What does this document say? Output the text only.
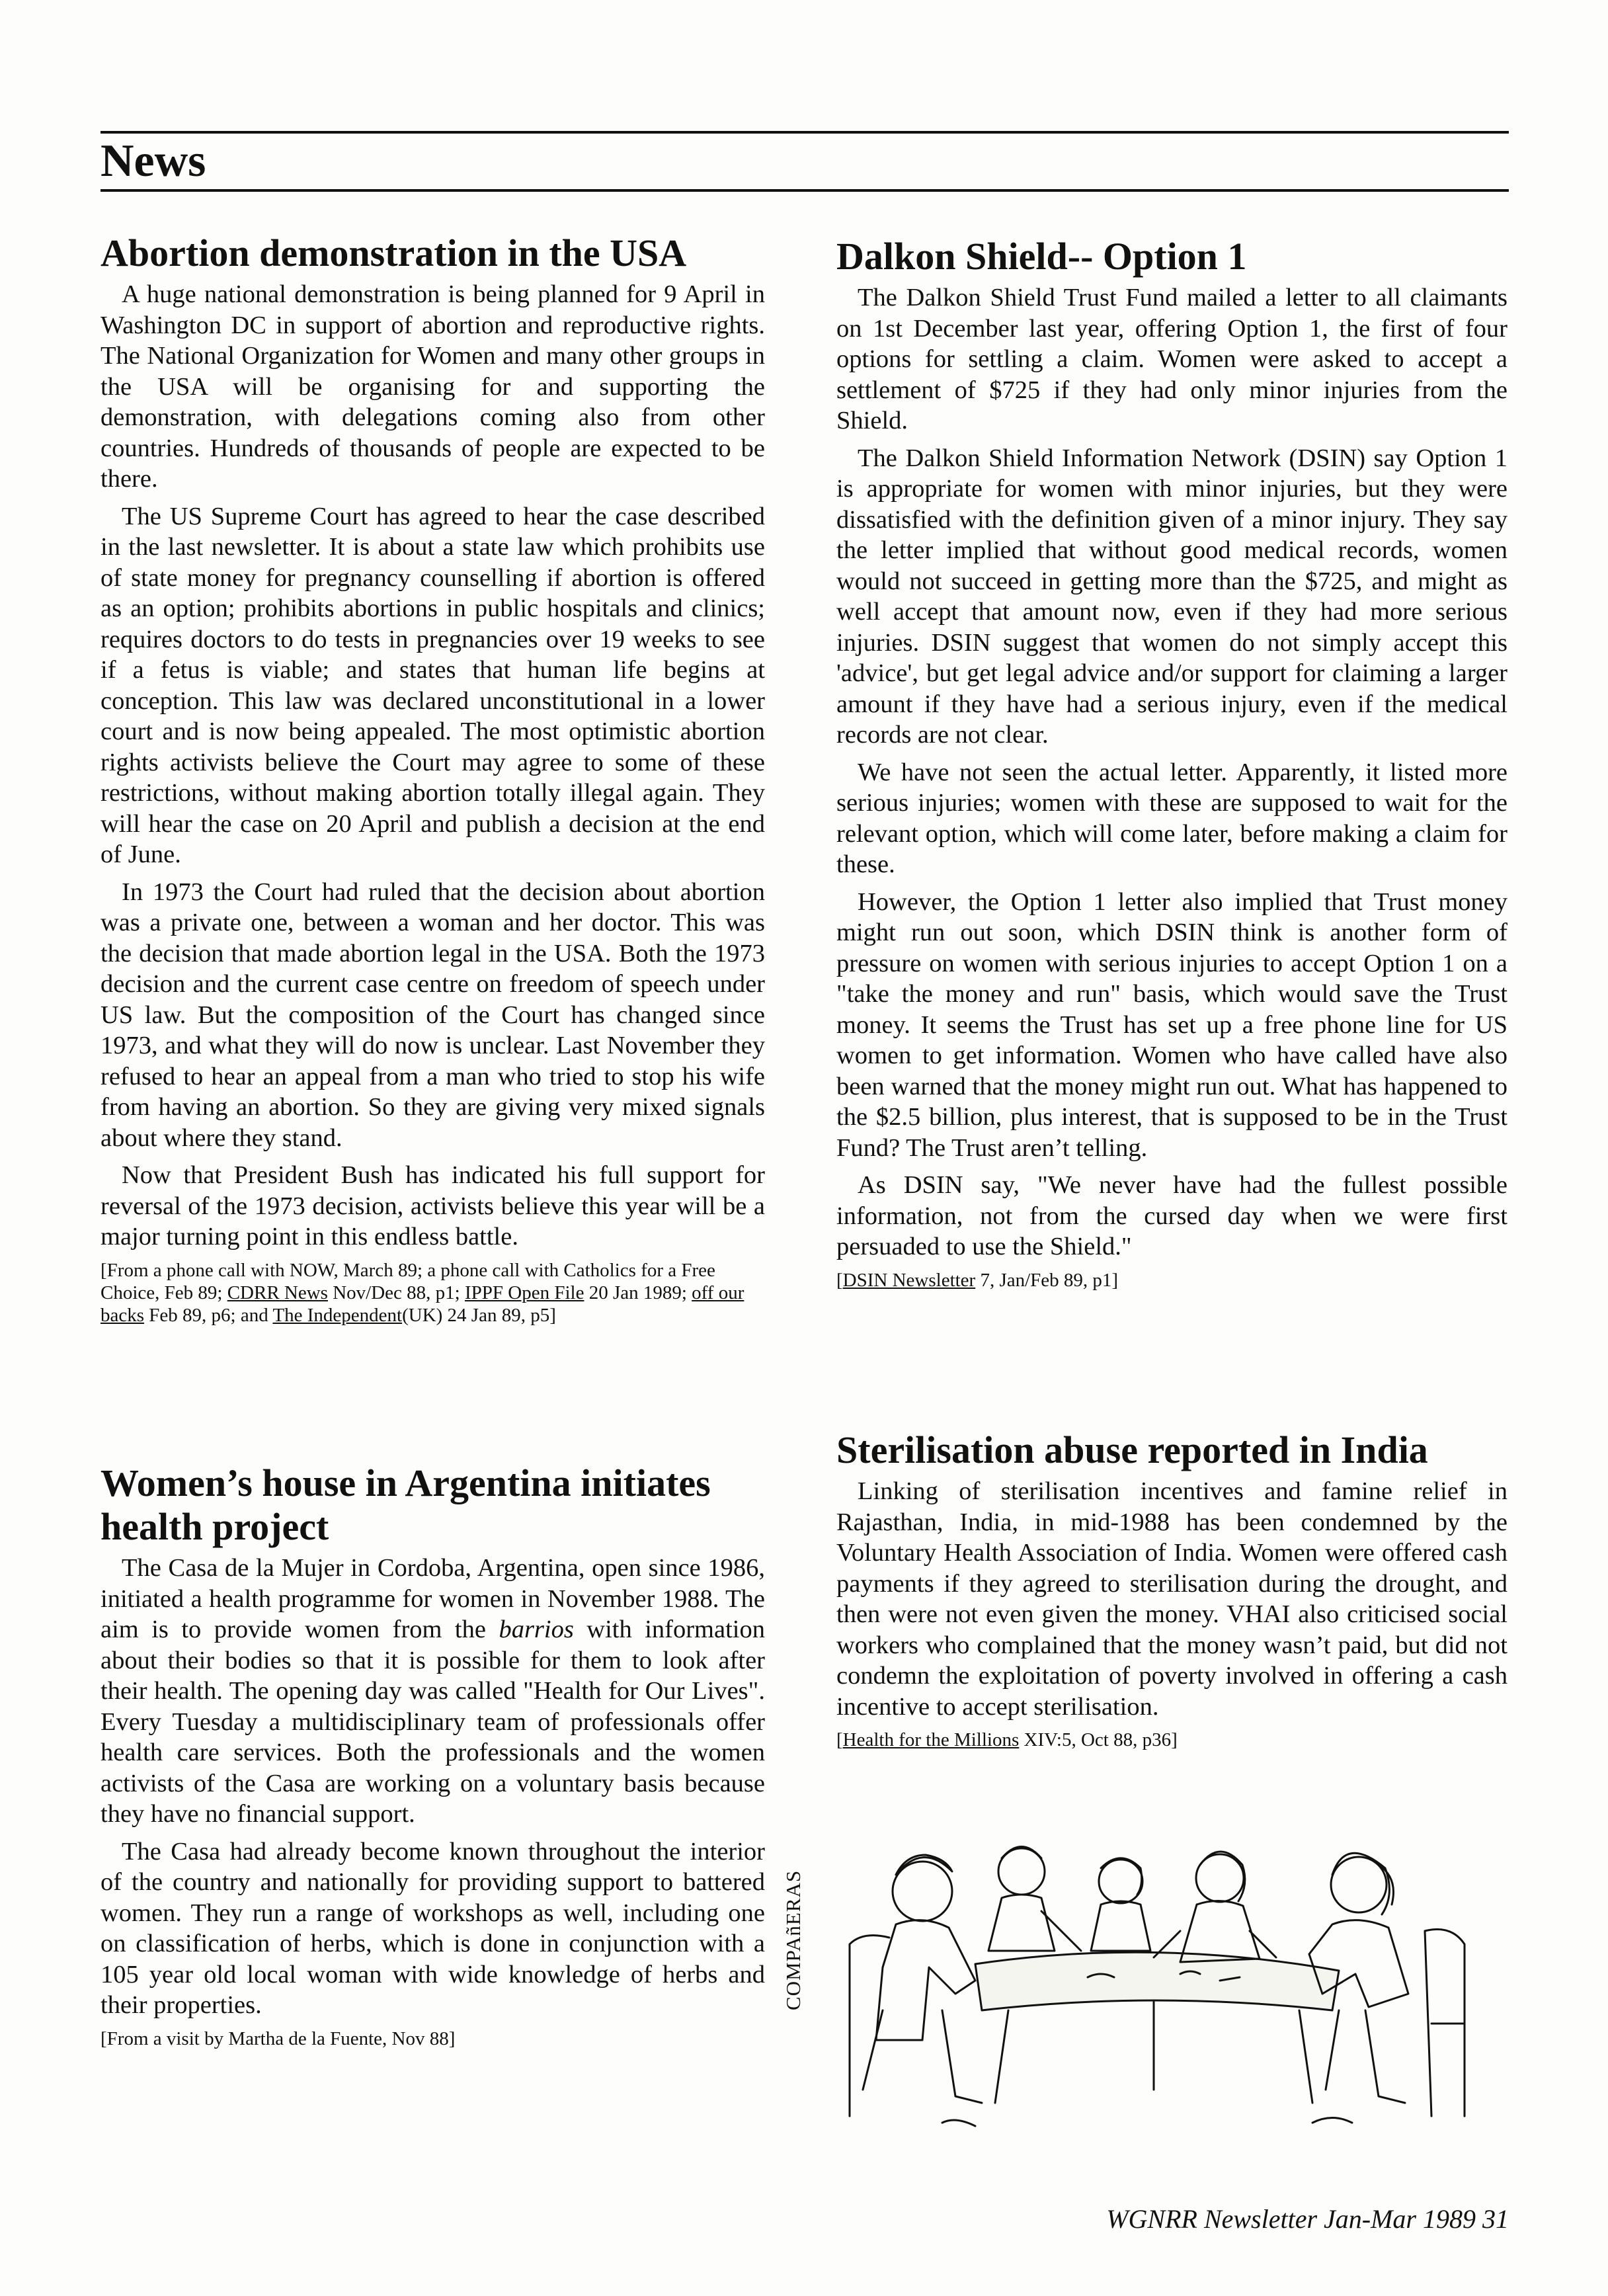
News
Abortion demonstration in the USA

A huge national demonstration is being planned for 9 April in Washington DC in support of abortion and reproductive rights. The National Organization for Women and many other groups in the USA will be organising for and supporting the demonstration, with delegations coming also from other countries. Hundreds of thousands of people are expected to be there.

The US Supreme Court has agreed to hear the case described in the last newsletter. It is about a state law which prohibits use of state money for pregnancy counselling if abortion is offered as an option; prohibits abortions in public hospitals and clinics; requires doctors to do tests in pregnancies over 19 weeks to see if a fetus is viable; and states that human life begins at conception. This law was declared unconstitutional in a lower court and is now being appealed. The most optimistic abortion rights activists believe the Court may agree to some of these restrictions, without making abortion totally illegal again. They will hear the case on 20 April and publish a decision at the end of June.

In 1973 the Court had ruled that the decision about abortion was a private one, between a woman and her doctor. This was the decision that made abortion legal in the USA. Both the 1973 decision and the current case centre on freedom of speech under US law. But the composition of the Court has changed since 1973, and what they will do now is unclear. Last November they refused to hear an appeal from a man who tried to stop his wife from having an abortion. So they are giving very mixed signals about where they stand.

Now that President Bush has indicated his full support for reversal of the 1973 decision, activists believe this year will be a major turning point in this endless battle.

[From a phone call with NOW, March 89; a phone call with Catholics for a Free Choice, Feb 89; CDRR News Nov/Dec 88, p1; IPPF Open File 20 Jan 1989; off our backs Feb 89, p6; and The Independent(UK) 24 Jan 89, p5]

Women’s house in Argentina initiates health project

The Casa de la Mujer in Cordoba, Argentina, open since 1986, initiated a health programme for women in November 1988. The aim is to provide women from the barrios with information about their bodies so that it is possible for them to look after their health. The opening day was called "Health for Our Lives". Every Tuesday a multidisciplinary team of professionals offer health care services. Both the professionals and the women activists of the Casa are working on a voluntary basis because they have no financial support.

The Casa had already become known throughout the interior of the country and nationally for providing support to battered women. They run a range of workshops as well, including one on classification of herbs, which is done in conjunction with a 105 year old local woman with wide knowledge of herbs and their properties.

[From a visit by Martha de la Fuente, Nov 88]

Dalkon Shield-- Option 1

The Dalkon Shield Trust Fund mailed a letter to all claimants on 1st December last year, offering Option 1, the first of four options for settling a claim. Women were asked to accept a settlement of $725 if they had only minor injuries from the Shield.

The Dalkon Shield Information Network (DSIN) say Option 1 is appropriate for women with minor injuries, but they were dissatisfied with the definition given of a minor injury. They say the letter implied that without good medical records, women would not succeed in getting more than the $725, and might as well accept that amount now, even if they had more serious injuries. DSIN suggest that women do not simply accept this 'advice', but get legal advice and/or support for claiming a larger amount if they have had a serious injury, even if the medical records are not clear.

We have not seen the actual letter. Apparently, it listed more serious injuries; women with these are supposed to wait for the relevant option, which will come later, before making a claim for these.

However, the Option 1 letter also implied that Trust money might run out soon, which DSIN think is another form of pressure on women with serious injuries to accept Option 1 on a "take the money and run" basis, which would save the Trust money. It seems the Trust has set up a free phone line for US women to get information. Women who have called have also been warned that the money might run out. What has happened to the $2.5 billion, plus interest, that is supposed to be in the Trust Fund? The Trust aren’t telling.

As DSIN say, "We never have had the fullest possible information, not from the cursed day when we were first persuaded to use the Shield."

[DSIN Newsletter 7, Jan/Feb 89, p1]

Sterilisation abuse reported in India

Linking of sterilisation incentives and famine relief in Rajasthan, India, in mid-1988 has been condemned by the Voluntary Health Association of India. Women were offered cash payments if they agreed to sterilisation during the drought, and then were not even given the money. VHAI also criticised social workers who complained that the money wasn’t paid, but did not condemn the exploitation of poverty involved in offering a cash incentive to accept sterilisation.

[Health for the Millions XIV:5, Oct 88, p36]

COMPAñERAS
WGNRR Newsletter Jan-Mar 1989 31
